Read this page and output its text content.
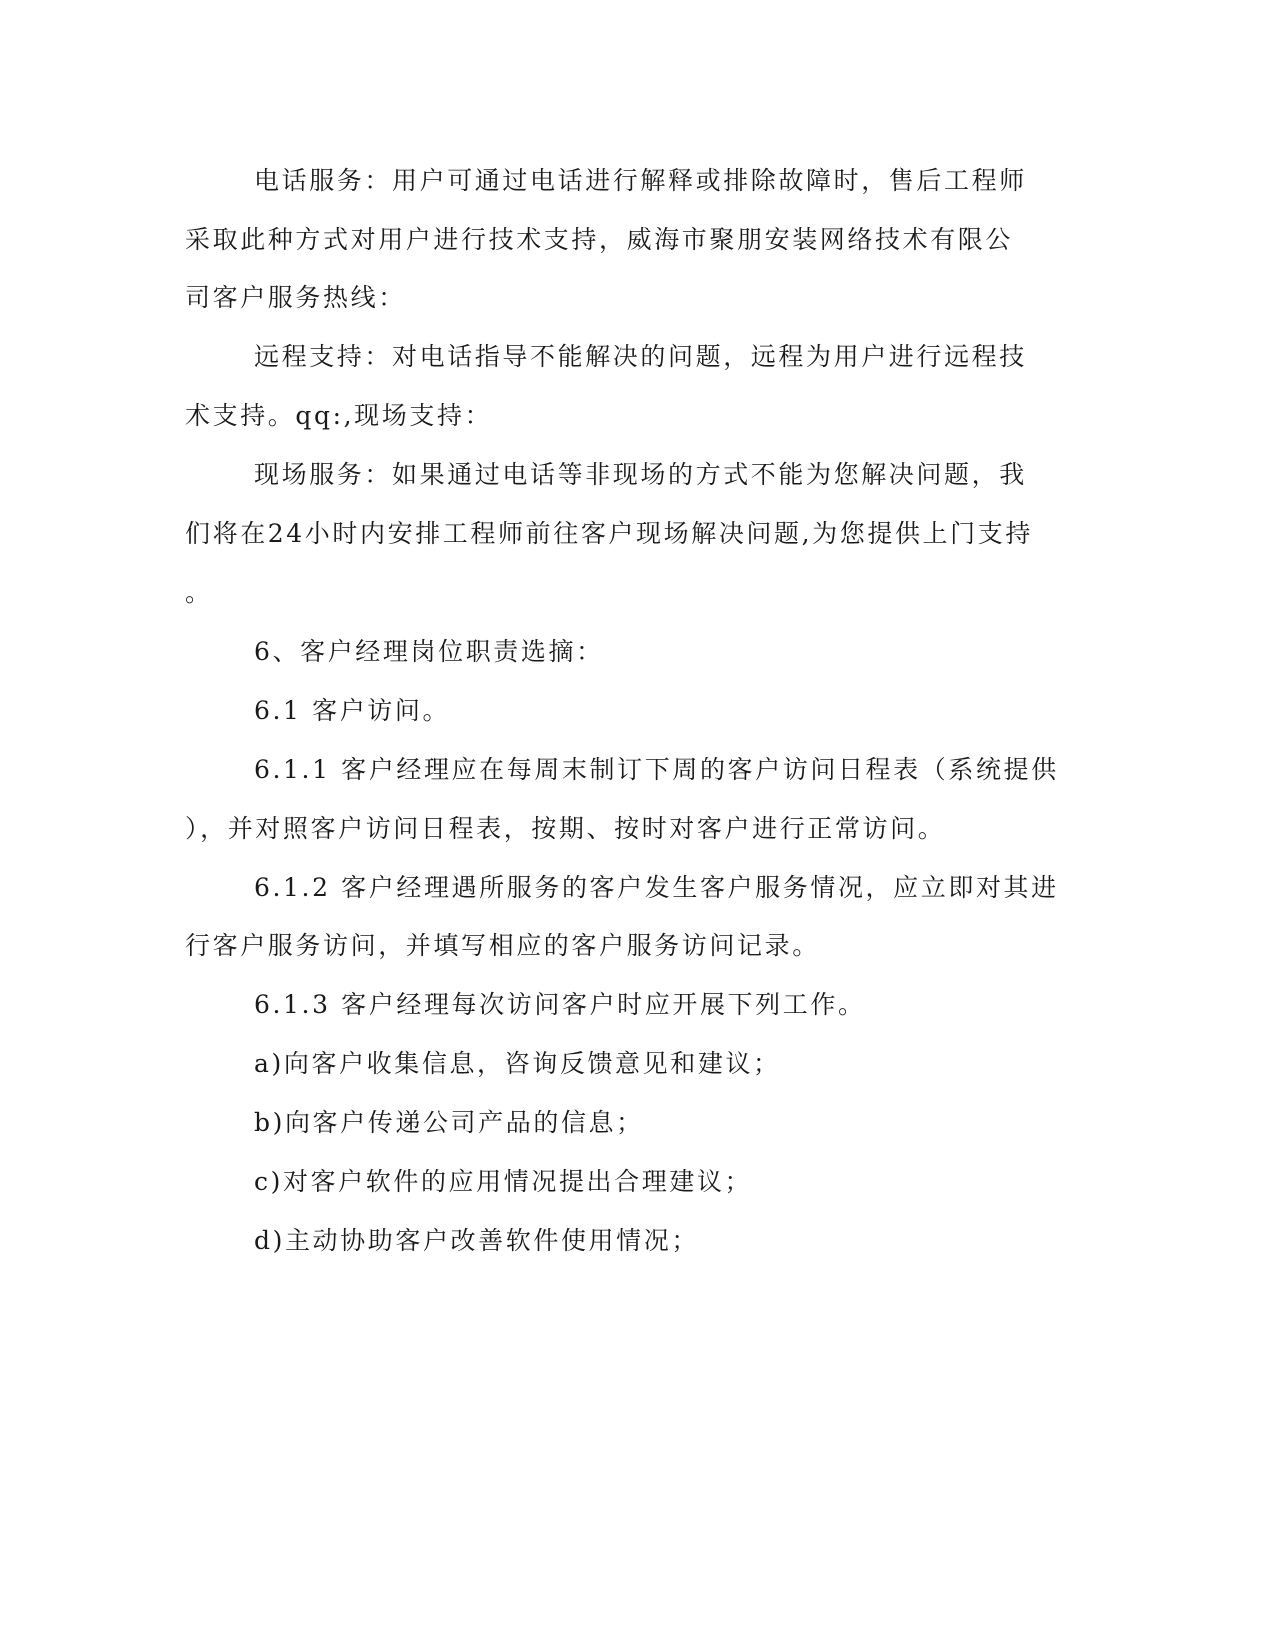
电话服务：用户可通过电话进行解释或排除故障时，售后工程师
采取此种方式对用户进行技术支持，威海市聚朋安装网络技术有限公
司客户服务热线：
远程支持：对电话指导不能解决的问题，远程为用户进行远程技
术支持。qq:,现场支持：
现场服务：如果通过电话等非现场的方式不能为您解决问题，我
们将在24小时内安排工程师前往客户现场解决问题,为您提供上门支持
。
6、客户经理岗位职责选摘：
6.1 客户访问。
6.1.1 客户经理应在每周末制订下周的客户访问日程表（系统提供
），并对照客户访问日程表，按期、按时对客户进行正常访问。
6.1.2 客户经理遇所服务的客户发生客户服务情况，应立即对其进
行客户服务访问，并填写相应的客户服务访问记录。
6.1.3 客户经理每次访问客户时应开展下列工作。
a)向客户收集信息，咨询反馈意见和建议；
b)向客户传递公司产品的信息；
c)对客户软件的应用情况提出合理建议；
d)主动协助客户改善软件使用情况；
